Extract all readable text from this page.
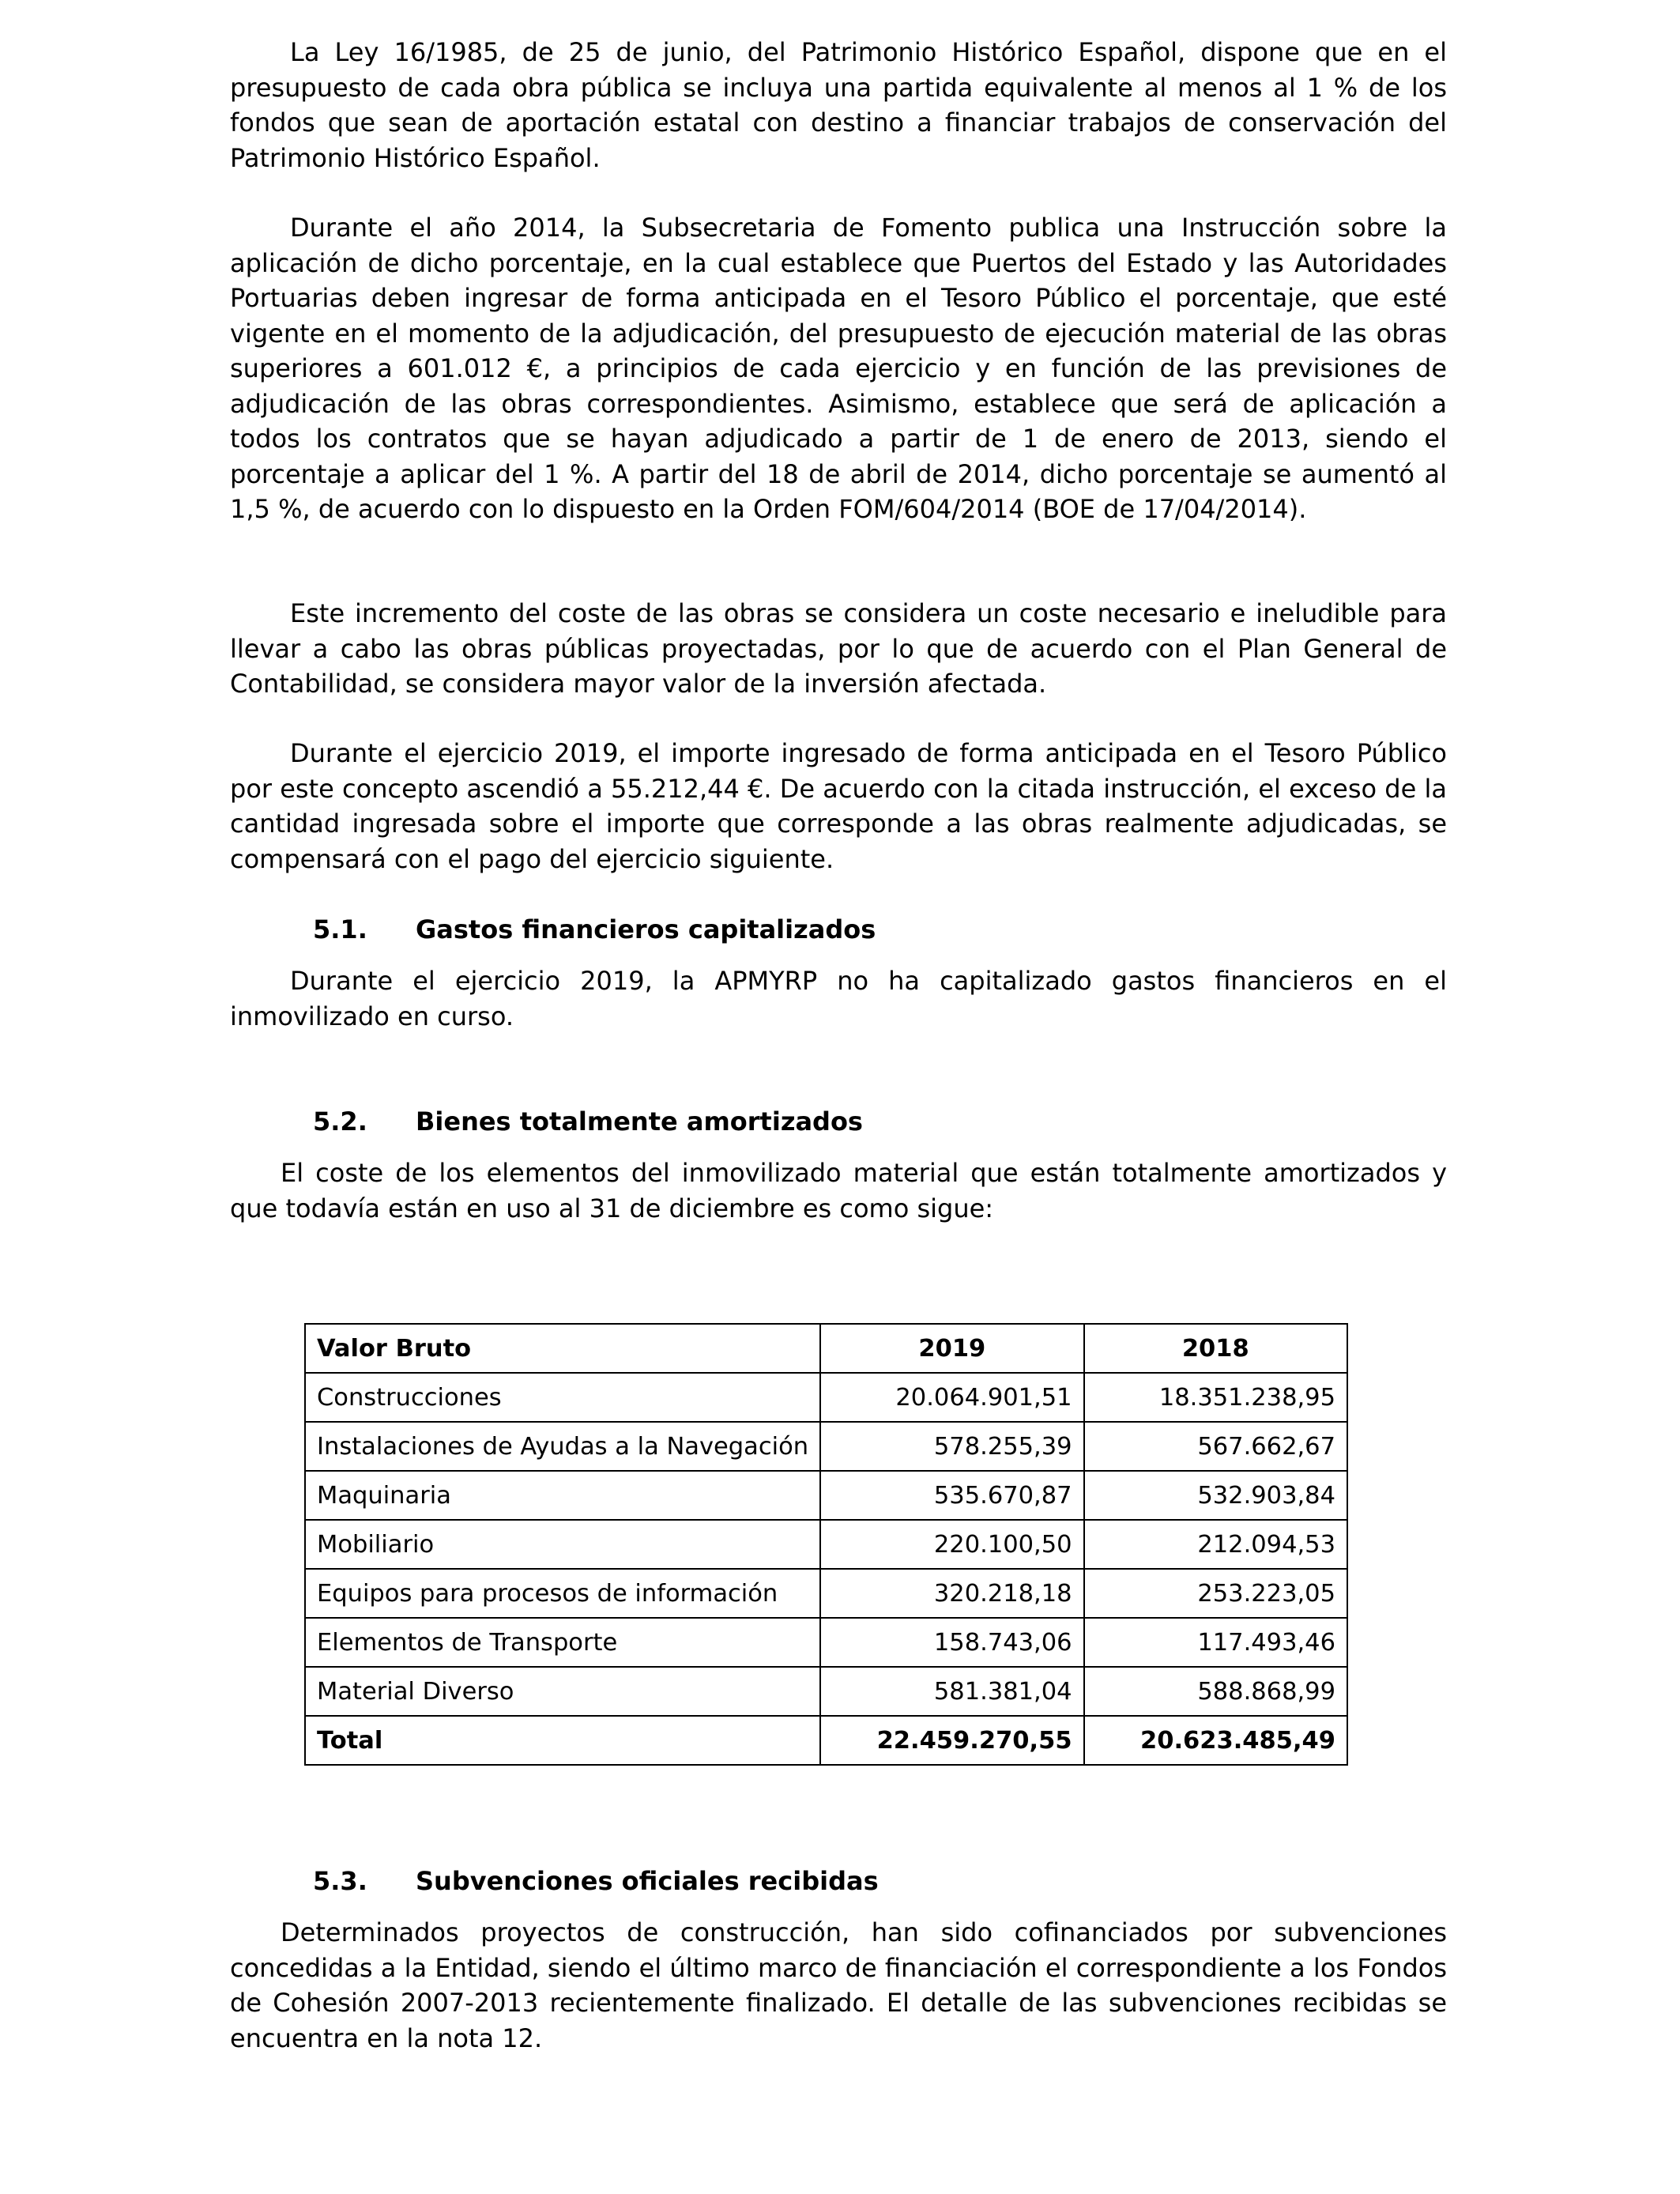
La Ley 16/1985, de 25 de junio, del Patrimonio Histórico Español, dispone que en el presupuesto de cada obra pública se incluya una partida equivalente al menos al 1 % de los fondos que sean de aportación estatal con destino a financiar trabajos de conservación del Patrimonio Histórico Español.

Durante el año 2014, la Subsecretaria de Fomento publica una Instrucción sobre la aplicación de dicho porcentaje, en la cual establece que Puertos del Estado y las Autoridades Portuarias deben ingresar de forma anticipada en el Tesoro Público el porcentaje, que esté vigente en el momento de la adjudicación, del presupuesto de ejecución material de las obras superiores a 601.012 €, a principios de cada ejercicio y en función de las previsiones de adjudicación de las obras correspondientes. Asimismo, establece que será de aplicación a todos los contratos que se hayan adjudicado a partir de 1 de enero de 2013, siendo el porcentaje a aplicar del 1 %. A partir del 18 de abril de 2014, dicho porcentaje se aumentó al 1,5 %, de acuerdo con lo dispuesto en la Orden FOM/604/2014 (BOE de 17/04/2014).

Este incremento del coste de las obras se considera un coste necesario e ineludible para llevar a cabo las obras públicas proyectadas, por lo que de acuerdo con el Plan General de Contabilidad, se considera mayor valor de la inversión afectada.

Durante el ejercicio 2019, el importe ingresado de forma anticipada en el Tesoro Público por este concepto ascendió a 55.212,44 €. De acuerdo con la citada instrucción, el exceso de la cantidad ingresada sobre el importe que corresponde a las obras realmente adjudicadas, se compensará con el pago del ejercicio siguiente.

5.1. Gastos financieros capitalizados

Durante el ejercicio 2019, la APMYRP no ha capitalizado gastos financieros en el inmovilizado en curso.

5.2. Bienes totalmente amortizados

El coste de los elementos del inmovilizado material que están totalmente amortizados y que todavía están en uso al 31 de diciembre es como sigue:

Valor Bruto	2019	2018
Construcciones	20.064.901,51	18.351.238,95
Instalaciones de Ayudas a la Navegación	578.255,39	567.662,67
Maquinaria	535.670,87	532.903,84
Mobiliario	220.100,50	212.094,53
Equipos para procesos de información	320.218,18	253.223,05
Elementos de Transporte	158.743,06	117.493,46
Material Diverso	581.381,04	588.868,99
Total	22.459.270,55	20.623.485,49
5.3. Subvenciones oficiales recibidas

Determinados proyectos de construcción, han sido cofinanciados por subvenciones concedidas a la Entidad, siendo el último marco de financiación el correspondiente a los Fondos de Cohesión 2007-2013 recientemente finalizado. El detalle de las subvenciones recibidas se encuentra en la nota 12.
